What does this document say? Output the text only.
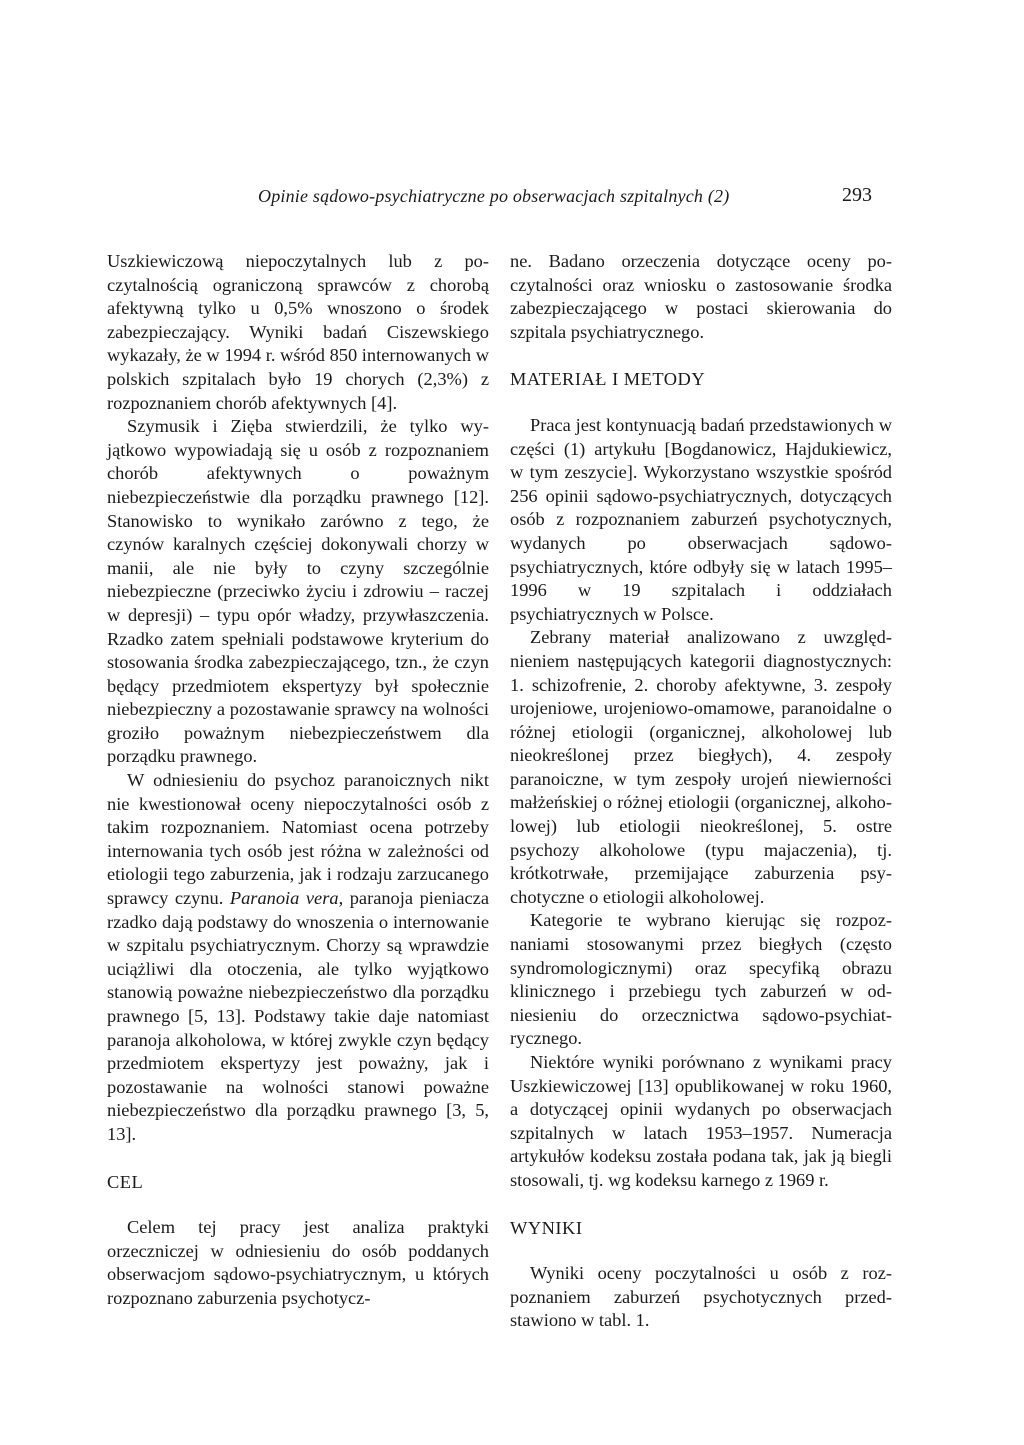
Opinie sądowo-psychiatryczne po obserwacjach szpitalnych (2)	293

Uszkiewiczową niepoczytalnych lub z poczytalnością ograniczoną sprawców z chorobą afektywną tylko u 0,5% wnoszono o środek zabezpieczający. Wyniki badań Ciszewskiego wykazały, że w 1994 r. wśród 850 internowanych w polskich szpitalach było 19 chorych (2,3%) z rozpoznaniem chorób afektywnych [4].

Szymusik i Zięba stwierdzili, że tylko wyjątkowo wypowiadają się u osób z rozpoznaniem chorób afektywnych o poważnym niebezpieczeństwie dla porządku prawnego [12]. Stanowisko to wynikało zarówno z tego, że czynów karalnych częściej dokonywali chorzy w manii, ale nie były to czyny szczególnie niebezpieczne (przeciwko życiu i zdrowiu – raczej w depresji) – typu opór władzy, przywłaszczenia. Rzadko zatem spełniali podstawowe kryterium do stosowania środka zabezpieczającego, tzn., że czyn będący przedmiotem ekspertyzy był społecznie niebezpieczny a pozostawanie sprawcy na wolności groziło poważnym niebezpieczeństwem dla porządku prawnego.

W odniesieniu do psychoz paranoicznych nikt nie kwestionował oceny niepoczytalności osób z takim rozpoznaniem. Natomiast ocena potrzeby internowania tych osób jest różna w zależności od etiologii tego zaburzenia, jak i rodzaju zarzucanego sprawcy czynu. Paranoia vera, paranoja pieniacza rzadko dają podstawy do wnoszenia o internowanie w szpitalu psychiatrycznym. Chorzy są wprawdzie uciążliwi dla otoczenia, ale tylko wyjątkowo stanowią poważne niebezpieczeństwo dla porządku prawnego [5, 13]. Podstawy takie daje natomiast paranoja alkoholowa, w której zwykle czyn będący przedmiotem ekspertyzy jest poważny, jak i pozostawanie na wolności stanowi poważne niebezpieczeństwo dla porządku prawnego [3, 5, 13].

CEL

Celem tej pracy jest analiza praktyki orzeczniczej w odniesieniu do osób poddanych obserwacjom sądowo-psychiatrycznym, u których rozpoznano zaburzenia psychotycz-

ne. Badano orzeczenia dotyczące oceny poczytalności oraz wniosku o zastosowanie środka zabezpieczającego w postaci skierowania do szpitala psychiatrycznego.

MATERIAŁ I METODY

Praca jest kontynuacją badań przedstawionych w części (1) artykułu [Bogdanowicz, Hajdukiewicz, w tym zeszycie]. Wykorzystano wszystkie spośród 256 opinii sądowo-psychiatrycznych, dotyczących osób z rozpoznaniem zaburzeń psychotycznych, wydanych po obserwacjach sądowo-psychiatrycznych, które odbyły się w latach 1995–1996 w 19 szpitalach i oddziałach psychiatrycznych w Polsce.

Zebrany materiał analizowano z uwzględnieniem następujących kategorii diagnostycznych: 1. schizofrenie, 2. choroby afektywne, 3. zespoły urojeniowe, urojeniowo-omamowe, paranoidalne o różnej etiologii (organicznej, alkoholowej lub nieokreślonej przez biegłych), 4. zespoły paranoiczne, w tym zespoły urojeń niewierności małżeńskiej o różnej etiologii (organicznej, alkoholowej) lub etiologii nieokreślonej, 5. ostre psychozy alkoholowe (typu majaczenia), tj. krótkotrwałe, przemijające zaburzenia psychotyczne o etiologii alkoholowej.

Kategorie te wybrano kierując się rozpoznaniami stosowanymi przez biegłych (często syndromologicznymi) oraz specyfiką obrazu klinicznego i przebiegu tych zaburzeń w odniesieniu do orzecznictwa sądowo-psychiatrycznego.

Niektóre wyniki porównano z wynikami pracy Uszkiewiczowej [13] opublikowanej w roku 1960, a dotyczącej opinii wydanych po obserwacjach szpitalnych w latach 1953–1957. Numeracja artykułów kodeksu została podana tak, jak ją biegli stosowali, tj. wg kodeksu karnego z 1969 r.

WYNIKI

Wyniki oceny poczytalności u osób z rozpoznaniem zaburzeń psychotycznych przedstawiono w tabl. 1.
